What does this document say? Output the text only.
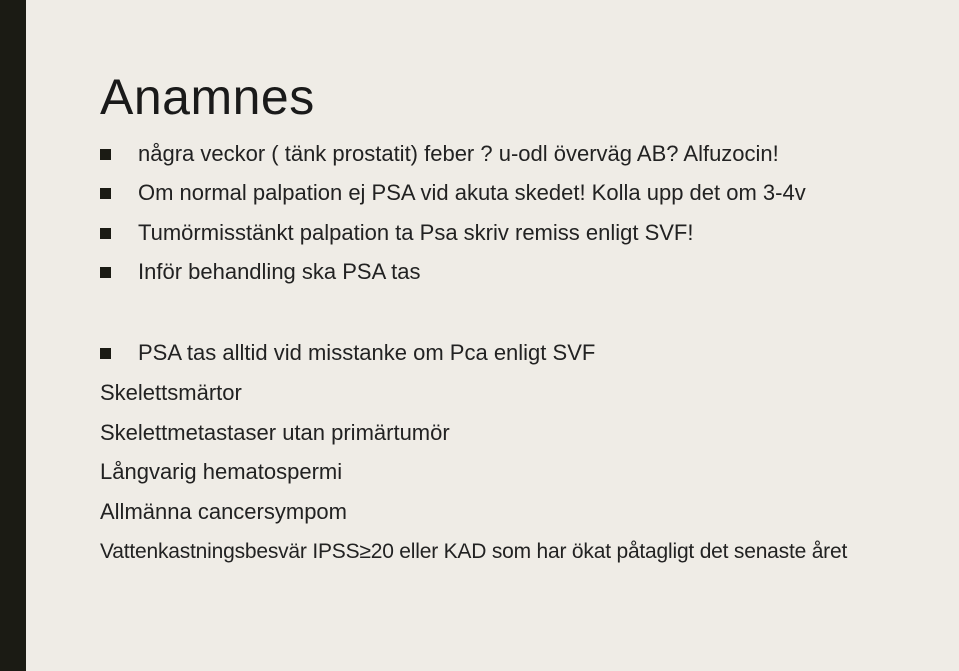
Anamnes
några veckor ( tänk prostatit) feber ? u-odl överväg AB? Alfuzocin!
Om normal palpation ej PSA vid akuta skedet! Kolla upp det om 3-4v
Tumörmisstänkt palpation ta Psa skriv remiss enligt SVF!
Inför behandling ska PSA tas
PSA tas alltid vid misstanke om Pca enligt SVF
Skelettsmärtor
Skelettmetastaser utan primärtumör
Långvarig hematospermi
Allmänna cancersympom
Vattenkastningsbesvär IPSS≥20 eller KAD som har ökat påtagligt det senaste året
